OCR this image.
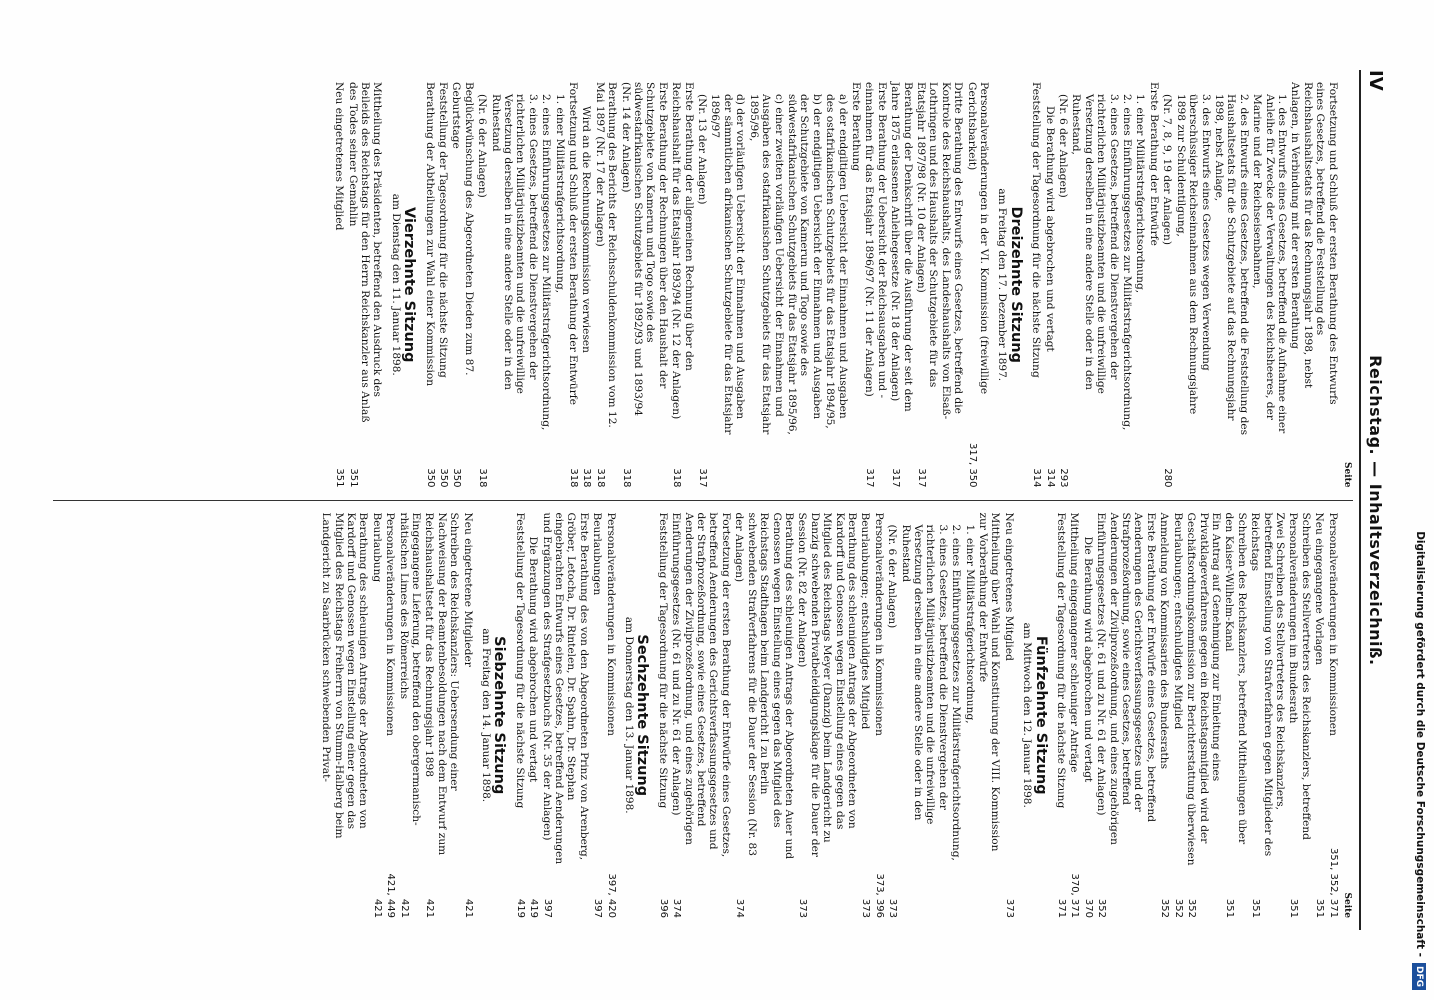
IV
Reichstag. — Inhaltsverzeichniß.
Seite
Fortsetzung und Schluß der ersten Berathung des Entwurfs eines Gesetzes, betreffend die Feststellung des Reichshaushaltsetats für das Rechnungsjahr 1898, nebst Anlagen, in Verbindung mit der ersten Berathung
1. des Entwurfs eines Gesetzes, betreffend die Aufnahme einer Anleihe für Zwecke der Verwaltungen des Reichsheeres, der Marine und der Reichseisenbahnen,
2. des Entwurfs eines Gesetzes, betreffend die Feststellung des Haushaltsetats für die Schutzgebiete auf das Rechnungsjahr 1898, nebst Anlage,
3. des Entwurfs eines Gesetzes wegen Verwendung überschüssiger Reichseinnahmen aus dem Rechnungsjahre 1898 zur Schuldentilgung,
(Nr. 7, 8, 9, 19 der Anlagen)
280
Erste Berathung der Entwürfe
1. einer Militärstrafgerichtsordnung,
2. eines Einführungsgesetzes zur Militärstrafgerichtsordnung,
3. eines Gesetzes, betreffend die Dienstvergehen der richterlichen Militärjustizbeamten und die unfreiwillige Versetzung derselben in eine andere Stelle oder in den Ruhestand,
(Nr. 6 der Anlagen)
293
Die Berathung wird abgebrochen und vertagt
314
Feststellung der Tagesordnung für die nächste Sitzung
314
Dreizehnte Sitzung
am Freitag den 17. Dezember 1897.
Personalveränderungen in der VI. Kommission (freiwillige Gerichtsbarkeit)
317, 350
Dritte Berathung des Entwurfs eines Gesetzes, betreffend die Kontrole des Reichshaushalts, des Landeshaushalts von Elsaß-Lothringen und des Haushalts der Schutzgebiete für das Etatsjahr 1897/98 (Nr. 10 der Anlagen)
317
Berathung der Denkschrift über die Ausführung der seit dem Jahre 1875 erlassenen Anleihegesetze (Nr. 18 der Anlagen)
317
Erste Berathung der Uebersicht der Reichsausgaben und -einnahmen für das Etatsjahr 1896/97 (Nr. 11 der Anlagen)
317
Erste Berathung
a) der endgiltigen Uebersicht der Einnahmen und Ausgaben des ostafrikanischen Schutzgebiets für das Etatsjahr 1894/95,
b) der endgiltigen Uebersicht der Einnahmen und Ausgaben der Schutzgebiete von Kamerun und Togo sowie des südwestafrikanischen Schutzgebiets für das Etatsjahr 1895/96,
c) einer zweiten vorläufigen Uebersicht der Einnahmen und Ausgaben des ostafrikanischen Schutzgebiets für das Etatsjahr 1895/96,
d) der vorläufigen Uebersicht der Einnahmen und Ausgaben der sämmtlichen afrikanischen Schutzgebiete für das Etatsjahr 1896/97
(Nr. 13 der Anlagen)
317
Erste Berathung der allgemeinen Rechnung über den Reichshaushalt für das Etatsjahr 1893/94 (Nr. 12 der Anlagen)
318
Erste Berathung der Rechnungen über den Haushalt der Schutzgebiete von Kamerun und Togo sowie des südwestafrikanischen Schutzgebiets für 1892/93 und 1893/94 (Nr. 14 der Anlagen)
318
Berathung des Berichts der Reichsschuldenkommission vom 12. Mai 1897 (Nr. 17 der Anlagen)
318
Wird an die Rechnungskommission verwiesen
318
Fortsetzung und Schluß der ersten Berathung der Entwürfe
318
1. einer Militärstrafgerichtsordnung,
2. eines Einführungsgesetzes zur Militärstrafgerichtsordnung,
3. eines Gesetzes, betreffend die Dienstvergehen der richterlichen Militärjustizbeamten und die unfreiwillige Versetzung derselben in eine andere Stelle oder in den Ruhestand
(Nr. 6 der Anlagen)
318
Beglückwünschung des Abgeordneten Dieden zum 87. Geburtstage
350
Feststellung der Tagesordnung für die nächste Sitzung
350
Berathung der Abtheilungen zur Wahl einer Kommission
350
Vierzehnte Sitzung
am Dienstag den 11. Januar 1898.
Mittheilung des Präsidenten, betreffend den Ausdruck des Beileids des Reichstags für den Herrn Reichskanzler aus Anlaß des Todes seiner Gemahlin
351
Neu eingetretenes Mitglied
351
Seite
Personalveränderungen in Kommissionen
351, 352, 371
Neu eingegangene Vorlagen
351
Schreiben des Stellvertreters des Reichskanzlers, betreffend Personalveränderungen im Bundesrath
351
Zwei Schreiben des Stellvertreters des Reichskanzlers, betreffend Einstellung von Strafverfahren gegen Mitglieder des Reichstags
351
Schreiben des Reichskanzlers, betreffend Mittheilungen über den Kaiser-Wilhelm-Kanal
351
Ein Antrag auf Genehmigung zur Einleitung eines Privatklageverfahrens gegen ein Reichstagsmitglied wird der Geschäftsordnungskommission zur Berichterstattung überwiesen
352
Beurlaubungen; entschuldigtes Mitglied
352
Anmeldung von Kommissarien des Bundesraths
352
Erste Berathung der Entwürfe eines Gesetzes, betreffend Aenderungen des Gerichtsverfassungsgesetzes und der Strafprozeßordnung, sowie eines Gesetzes, betreffend Aenderungen der Zivilprozeßordnung, und eines zugehörigen Einführungsgesetzes (Nr. 61 und zu Nr. 61 der Anlagen)
352
Die Berathung wird abgebrochen und vertagt
370
Mittheilung eingegangener schleuniger Anträge
370, 371
Feststellung der Tagesordnung für die nächste Sitzung
371
Fünfzehnte Sitzung
am Mittwoch den 12. Januar 1898.
Neu eingetretenes Mitglied
373
Mittheilung über Wahl und Konstituirung der VIII. Kommission zur Vorberathung der Entwürfe
1. einer Militärstrafgerichtsordnung,
2. eines Einführungsgesetzes zur Militärstrafgerichtsordnung,
3. eines Gesetzes, betreffend die Dienstvergehen der richterlichen Militärjustizbeamten und die unfreiwillige Versetzung derselben in eine andere Stelle oder in den Ruhestand
(Nr. 6 der Anlagen)
373
Personalveränderungen in Kommissionen
373, 396
Beurlaubungen; entschuldigtes Mitglied
373
Berathung des schleunigen Antrags der Abgeordneten von Kardorff und Genossen wegen Einstellung eines gegen das Mitglied des Reichstags Meyer (Danzig) beim Landgericht zu Danzig schwebenden Privatbeleidigungsklage für die Dauer der Session (Nr. 82 der Anlagen)
373
Berathung des schleunigen Antrags der Abgeordneten Auer und Genossen wegen Einstellung eines gegen das Mitglied des Reichstags Stadthagen beim Landgericht I zu Berlin schwebenden Strafverfahrens für die Dauer der Session (Nr. 83 der Anlagen)
374
Fortsetzung der ersten Berathung der Entwürfe eines Gesetzes, betreffend Aenderungen des Gerichtsverfassungsgesetzes und der Strafprozeßordnung, sowie eines Gesetzes, betreffend Aenderungen der Zivilprozeßordnung, und eines zugehörigen Einführungsgesetzes (Nr. 61 und zu Nr. 61 der Anlagen)
374
Feststellung der Tagesordnung für die nächste Sitzung
396
Sechzehnte Sitzung
am Donnerstag den 13. Januar 1898.
Personalveränderungen in Kommissionen
397, 420
Beurlaubungen
397
Erste Berathung des von den Abgeordneten Prinz von Arenberg, Gröber, Letocha, Dr. Rintelen, Dr. Spahn, Dr. Stephan eingebrachten Entwurfs eines Gesetzes, betreffend Aenderungen und Ergänzungen des Strafgesetzbuchs (Nr. 35 der Anlagen)
397
Die Berathung wird abgebrochen und vertagt
419
Feststellung der Tagesordnung für die nächste Sitzung
419
Siebzehnte Sitzung
am Freitag den 14. Januar 1898.
Neu eingetretene Mitglieder
421
Schreiben des Reichskanzlers: Uebersendung einer Nachweisung der Beamtenbesoldungen nach dem Entwurf zum Reichshaushaltsetat für das Rechnungsjahr 1898
421
Eingegangene Lieferung, betreffend den obergermanisch-rhätischen Limes des Römerreichs
421
Personalveränderungen in Kommissionen
421, 449
Beurlaubung
421
Berathung des schleunigen Antrags der Abgeordneten von Kardorff und Genossen wegen Einstellung einer gegen das Mitglied des Reichstags Freiherrn von Stumm-Halberg beim Landgericht zu Saarbrücken schwebenden Privat-	Digitalisierung gefördert durch die Deutsche Forschungsgemeinschaft -DFG
